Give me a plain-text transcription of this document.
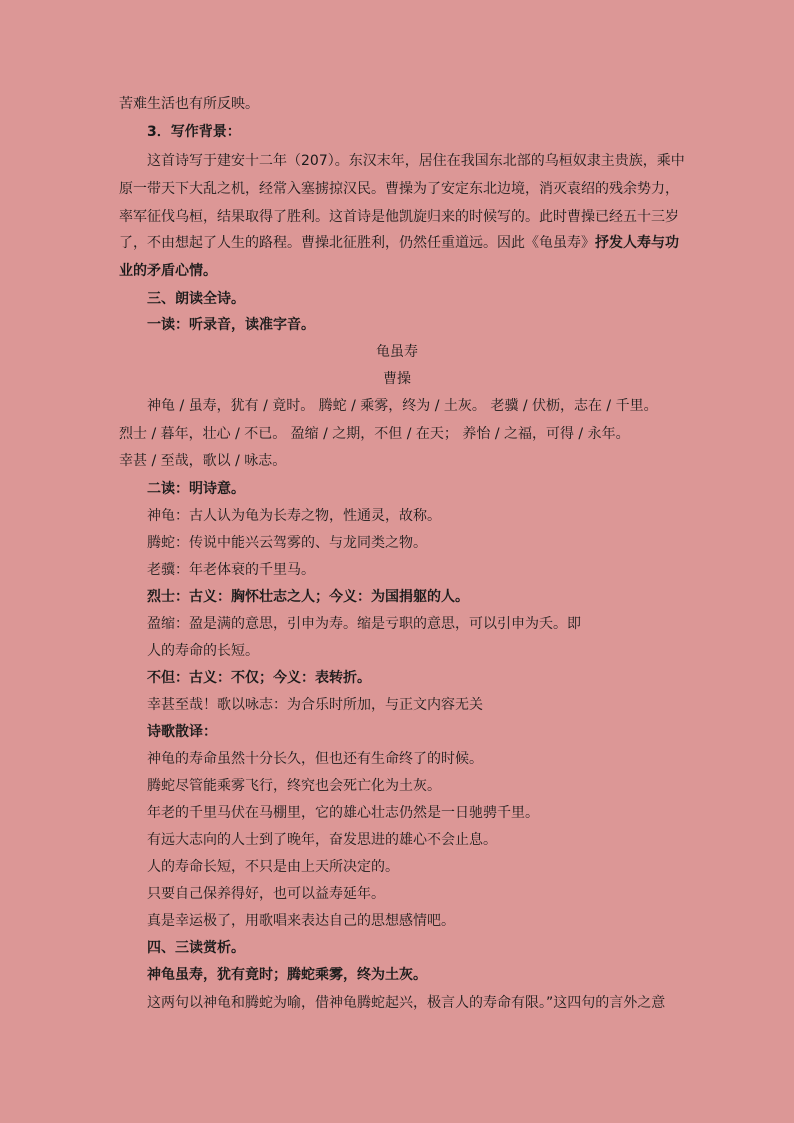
苦难生活也有所反映。
3．写作背景：
这首诗写于建安十二年（207）。东汉末年，居住在我国东北部的乌桓奴隶主贵族，乘中
原一带天下大乱之机，经常入塞掳掠汉民。曹操为了安定东北边境，消灭袁绍的残余势力，
率军征伐乌桓，结果取得了胜利。这首诗是他凯旋归来的时候写的。此时曹操已经五十三岁
了，不由想起了人生的路程。曹操北征胜利，仍然任重道远。因此《龟虽寿》抒发人寿与功
业的矛盾心情。
三、朗读全诗。
一读：听录音，读准字音。
龟虽寿
曹操
神龟 / 虽寿，犹有 / 竟时。 腾蛇 / 乘雾，终为 / 土灰。 老骥 / 伏枥，志在 / 千里。
烈士 / 暮年，壮心 / 不已。 盈缩 / 之期，不但 / 在天； 养怡 / 之福，可得 / 永年。
幸甚 / 至哉，歌以 / 咏志。
二读：明诗意。
神龟：古人认为龟为长寿之物，性通灵，故称。
腾蛇：传说中能兴云驾雾的、与龙同类之物。
老骥：年老体衰的千里马。
烈士：古义：胸怀壮志之人；今义：为国捐躯的人。
盈缩：盈是满的意思，引申为寿。缩是亏职的意思，可以引申为夭。即
人的寿命的长短。
不但：古义：不仅；今义：表转折。
幸甚至哉！歌以咏志：为合乐时所加，与正文内容无关
诗歌散译：
神龟的寿命虽然十分长久，但也还有生命终了的时候。
腾蛇尽管能乘雾飞行，终究也会死亡化为土灰。
年老的千里马伏在马棚里，它的雄心壮志仍然是一日驰骋千里。
有远大志向的人士到了晚年，奋发思进的雄心不会止息。
人的寿命长短，不只是由上天所决定的。
只要自己保养得好，也可以益寿延年。
真是幸运极了，用歌唱来表达自己的思想感情吧。
四、三读赏析。
神龟虽寿，犹有竟时；腾蛇乘雾，终为土灰。
这两句以神龟和腾蛇为喻，借神龟腾蛇起兴，极言人的寿命有限。”这四句的言外之意
